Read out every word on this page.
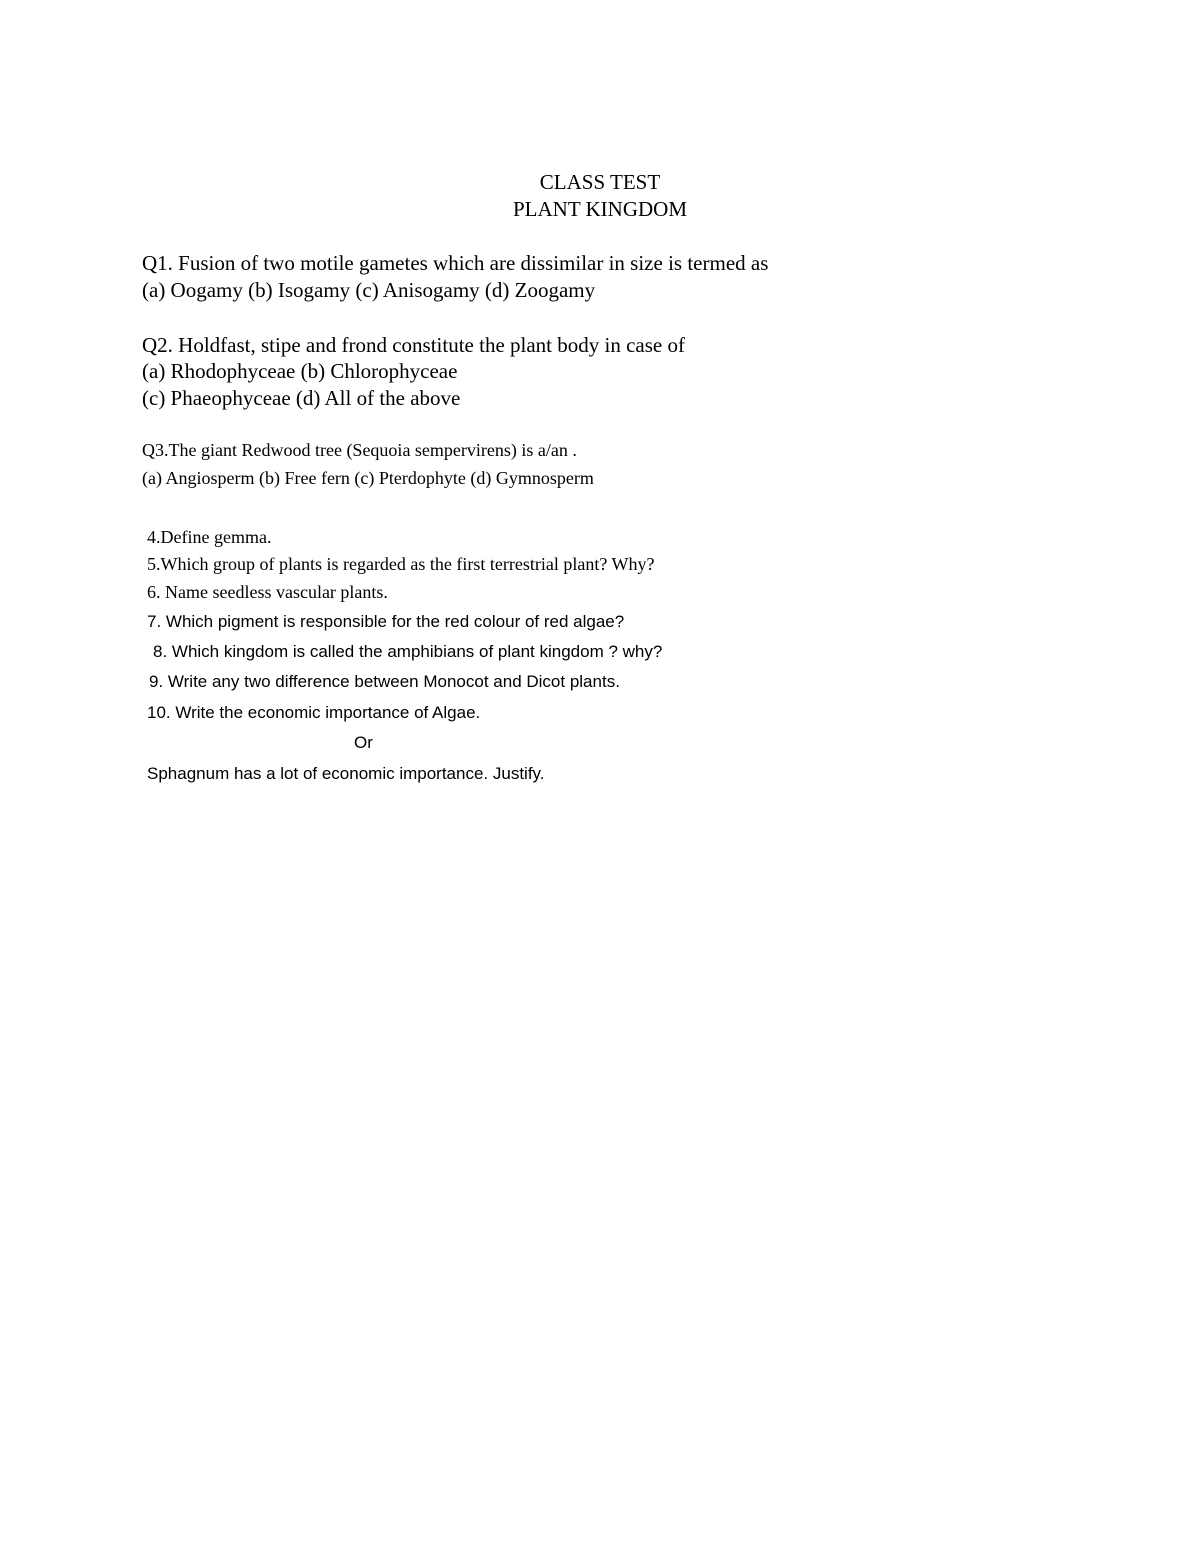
CLASS TEST
PLANT KINGDOM
Q1. Fusion of two motile gametes which are dissimilar in size is termed as
(a) Oogamy (b) Isogamy (c) Anisogamy (d) Zoogamy
Q2. Holdfast, stipe and frond constitute the plant body in case of
(a) Rhodophyceae (b) Chlorophyceae
(c) Phaeophyceae (d) All of the above
Q3.The giant Redwood tree (Sequoia sempervirens) is a/an .
(a) Angiosperm (b) Free fern (c) Pterdophyte (d) Gymnosperm
4.Define gemma.
5.Which group of plants is regarded as the first terrestrial plant? Why?
6. Name seedless vascular plants.
7. Which pigment is responsible for the red colour of red algae?
8. Which kingdom is called the amphibians of plant kingdom ? why?
9. Write any two difference between Monocot and Dicot plants.
10. Write the economic importance of Algae.
Or
Sphagnum has a lot of economic importance. Justify.
